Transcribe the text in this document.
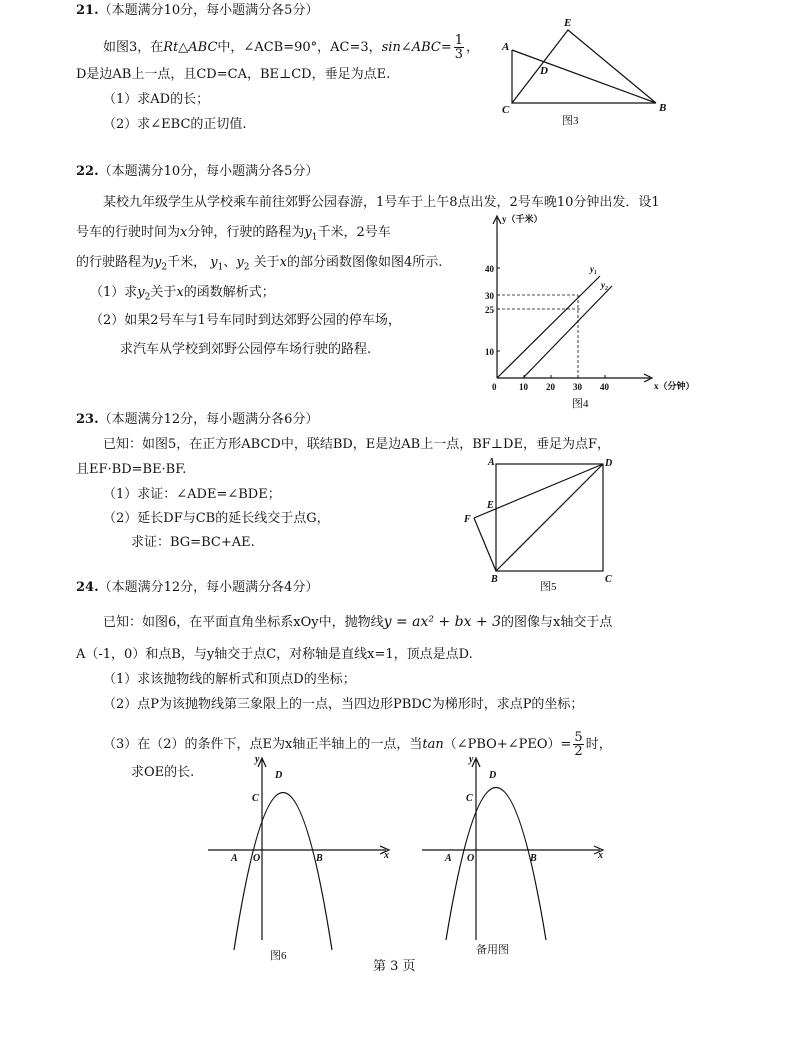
21.（本题满分10分，每小题满分各5分）
如图3，在Rt△ABC中，∠ACB=90°，AC=3，sin∠ABC= $\frac{1}{3}$ ，
D是边AB上一点，且CD=CA，BE⊥CD，垂足为点E.
（1）求AD的长；
（2）求∠EBC的正切值.
A
B
C
D
E
图3
22.（本题满分10分，每小题满分各5分）
某校九年级学生从学校乘车前往郊野公园春游，1号车于上午8点出发，2号车晚10分钟出发．设1
号车的行驶时间为x分钟，行驶的路程为$y_1$千米，2号车
的行驶路程为$y_2$千米， $y_1$、$y_2$ 关于x的部分函数图像如图4所示.
（1）求$y_2$关于x的函数解析式；
（2）如果2号车与1号车同时到达郊野公园的停车场，
求汽车从学校到郊野公园停车场行驶的路程.
y（千米）
x（分钟）
0
10
25
30
40
10 20 30 40
y₁
y₂
图4
23.（本题满分12分，每小题满分各6分）
已知：如图5，在正方形ABCD中，联结BD，E是边AB上一点，BF⊥DE，垂足为点F，
且EF·BD=BE·BF.
（1）求证：∠ADE=∠BDE；
（2）延长DF与CB的延长线交于点G，
求证：BG=BC+AE.
A
B	C
D
E
F
图5
24.（本题满分12分，每小题满分各4分）
已知：如图6，在平面直角坐标系xOy中，抛物线y = ax² + bx + 3的图像与x轴交于点
A（-1，0）和点B，与y轴交于点C，对称轴是直线x=1，顶点是点D.
（1）求该抛物线的解析式和顶点D的坐标；
（2）点P为该抛物线第三象限上的一点，当四边形PBDC为梯形时，求点P的坐标；
（3）在（2）的条件下，点E为x轴正半轴上的一点，当tan（∠PBO+∠PEO）= $\frac{5}{2}$ 时，
求OE的长.
y
x
O
A	B
C
D
图6
y
x
O
A	B
C
D
备用图
第 3 页
